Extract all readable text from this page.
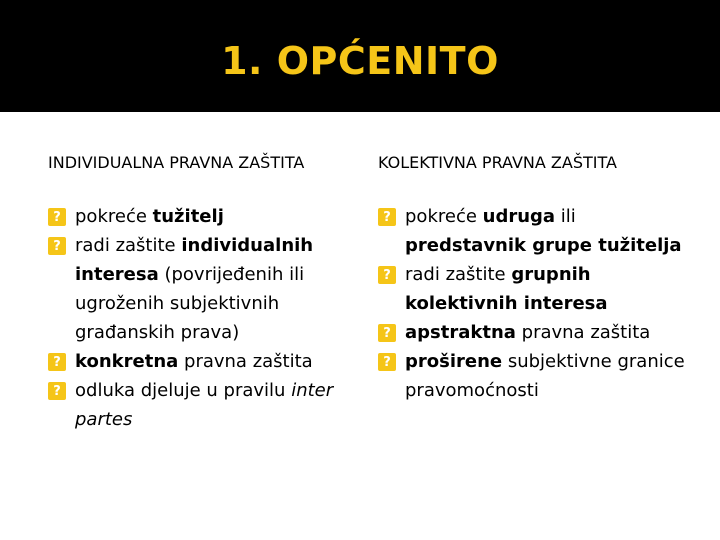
1. OPĆENITO
INDIVIDUALNA PRAVNA ZAŠTITA
? pokreće tužitelj
? radi zaštite individualnih interesa (povrijeđenih ili ugroženih subjektivnih građanskih prava)
? konkretna pravna zaštita
? odluka djeluje u pravilu inter partes
KOLEKTIVNA PRAVNA ZAŠTITA
? pokreće udruga ili predstavnik grupe tužitelja
? radi zaštite grupnih kolektivnih interesa
? apstraktna pravna zaštita
? proširene subjektivne granice pravomoćnosti
